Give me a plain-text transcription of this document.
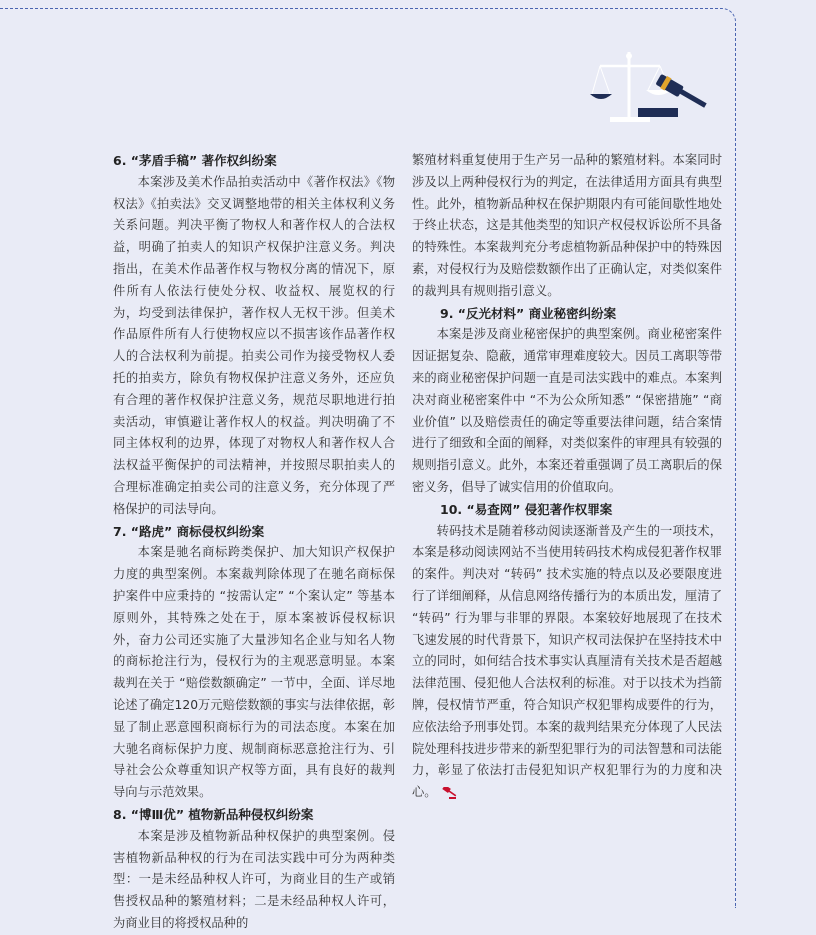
6. “茅盾手稿” 著作权纠纷案

本案涉及美术作品拍卖活动中《著作权法》《物权法》《拍卖法》交叉调整地带的相关主体权利义务关系问题。判决平衡了物权人和著作权人的合法权益，明确了拍卖人的知识产权保护注意义务。判决指出，在美术作品著作权与物权分离的情况下，原件所有人依法行使处分权、收益权、展览权的行为，均受到法律保护，著作权人无权干涉。但美术作品原件所有人行使物权应以不损害该作品著作权人的合法权利为前提。拍卖公司作为接受物权人委托的拍卖方，除负有物权保护注意义务外，还应负有合理的著作权保护注意义务，规范尽职地进行拍卖活动，审慎避让著作权人的权益。判决明确了不同主体权利的边界，体现了对物权人和著作权人合法权益平衡保护的司法精神，并按照尽职拍卖人的合理标准确定拍卖公司的注意义务，充分体现了严格保护的司法导向。

7. “路虎” 商标侵权纠纷案

本案是驰名商标跨类保护、加大知识产权保护力度的典型案例。本案裁判除体现了在驰名商标保护案件中应秉持的 “按需认定” “个案认定” 等基本原则外，其特殊之处在于，原本案被诉侵权标识外，奋力公司还实施了大量涉知名企业与知名人物的商标抢注行为，侵权行为的主观恶意明显。本案裁判在关于 “赔偿数额确定” 一节中，全面、详尽地论述了确定120万元赔偿数额的事实与法律依据，彰显了制止恶意囤积商标行为的司法态度。本案在加大驰名商标保护力度、规制商标恶意抢注行为、引导社会公众尊重知识产权等方面，具有良好的裁判导向与示范效果。

8. “博Ⅲ优” 植物新品种侵权纠纷案

本案是涉及植物新品种权保护的典型案例。侵害植物新品种权的行为在司法实践中可分为两种类型：一是未经品种权人许可，为商业目的生产或销售授权品种的繁殖材料；二是未经品种权人许可，为商业目的将授权品种的

繁殖材料重复使用于生产另一品种的繁殖材料。本案同时涉及以上两种侵权行为的判定，在法律适用方面具有典型性。此外，植物新品种权在保护期限内有可能间歇性地处于终止状态，这是其他类型的知识产权侵权诉讼所不具备的特殊性。本案裁判充分考虑植物新品种保护中的特殊因素，对侵权行为及赔偿数额作出了正确认定，对类似案件的裁判具有规则指引意义。

9. “反光材料” 商业秘密纠纷案

本案是涉及商业秘密保护的典型案例。商业秘密案件因证据复杂、隐蔽，通常审理难度较大。因员工离职等带来的商业秘密保护问题一直是司法实践中的难点。本案判决对商业秘密案件中 “不为公众所知悉” “保密措施” “商业价值” 以及赔偿责任的确定等重要法律问题，结合案情进行了细致和全面的阐释，对类似案件的审理具有较强的规则指引意义。此外，本案还着重强调了员工离职后的保密义务，倡导了诚实信用的价值取向。

10. “易查网” 侵犯著作权罪案

转码技术是随着移动阅读逐渐普及产生的一项技术，本案是移动阅读网站不当使用转码技术构成侵犯著作权罪的案件。判决对 “转码” 技术实施的特点以及必要限度进行了详细阐释，从信息网络传播行为的本质出发，厘清了 “转码” 行为罪与非罪的界限。本案较好地展现了在技术飞速发展的时代背景下，知识产权司法保护在坚持技术中立的同时，如何结合技术事实认真厘清有关技术是否超越法律范围、侵犯他人合法权利的标准。对于以技术为挡箭牌，侵权情节严重，符合知识产权犯罪构成要件的行为，应依法给予刑事处罚。本案的裁判结果充分体现了人民法院处理科技进步带来的新型犯罪行为的司法智慧和司法能力，彰显了依法打击侵犯知识产权犯罪行为的力度和决心。
